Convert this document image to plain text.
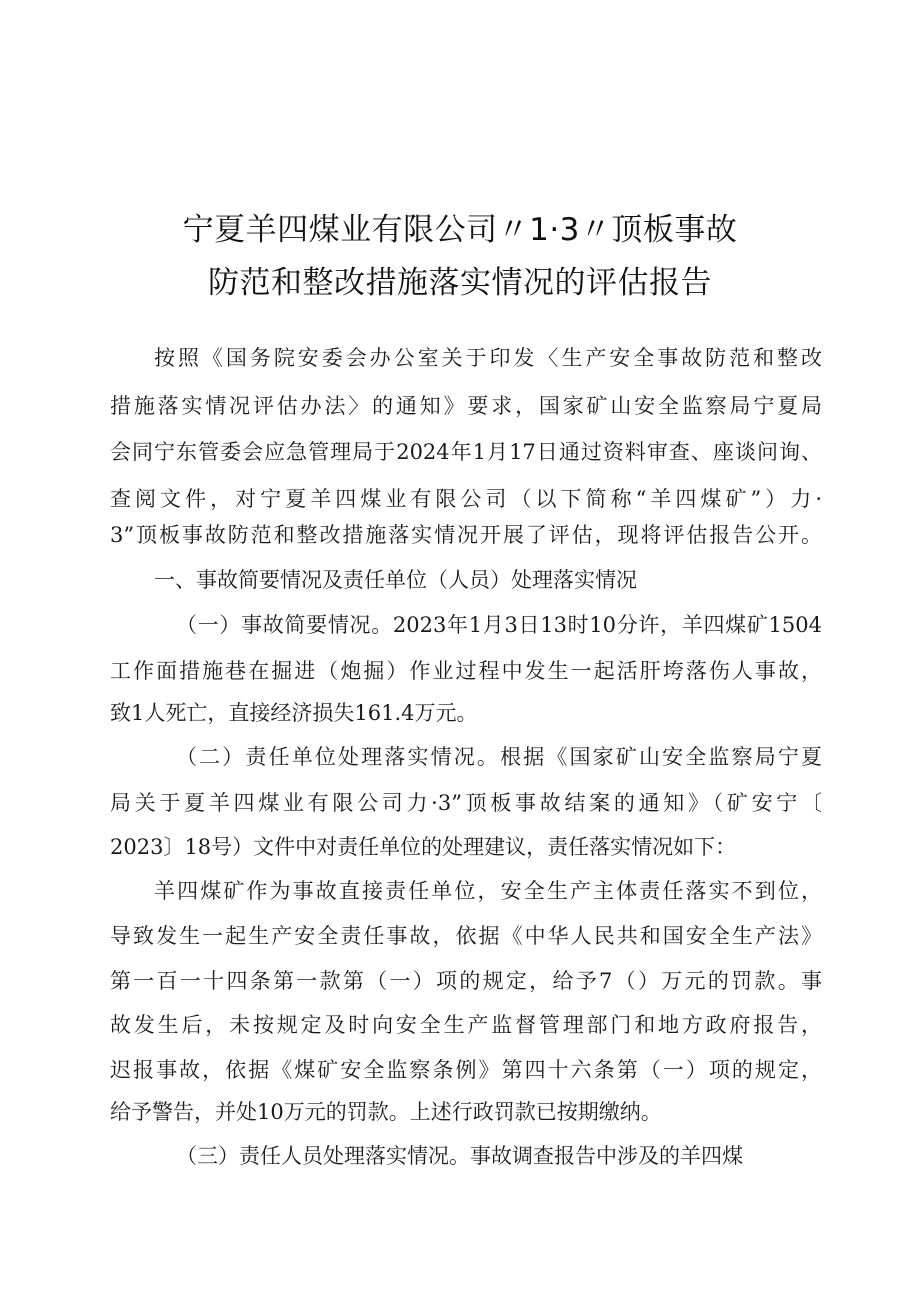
宁夏羊四煤业有限公司〃1·3〃顶板事故
防范和整改措施落实情况的评估报告
按照《国务院安委会办公室关于印发〈生产安全事故防范和整改
措施落实情况评估办法〉的通知》要求，国家矿山安全监察局宁夏局
会同宁东管委会应急管理局于2024年1月17日通过资料审查、座谈问询、
查阅文件，对宁夏羊四煤业有限公司（以下简称“羊四煤矿”）力·
3”顶板事故防范和整改措施落实情况开展了评估，现将评估报告公开。
一、事故简要情况及责任单位（人员）处理落实情况
（一）事故简要情况。2023年1月3日13时10分许，羊四煤矿1504
工作面措施巷在掘进（炮掘）作业过程中发生一起活肝垮落伤人事故，
致1人死亡，直接经济损失161.4万元。
（二）责任单位处理落实情况。根据《国家矿山安全监察局宁夏
局关于夏羊四煤业有限公司力·3”顶板事故结案的通知》（矿安宁〔
2023〕18号）文件中对责任单位的处理建议，责任落实情况如下：
羊四煤矿作为事故直接责任单位，安全生产主体责任落实不到位，
导致发生一起生产安全责任事故，依据《中华人民共和国安全生产法》
第一百一十四条第一款第（一）项的规定，给予7（）万元的罚款。事
故发生后，未按规定及时向安全生产监督管理部门和地方政府报告，
迟报事故，依据《煤矿安全监察条例》第四十六条第（一）项的规定，
给予警告，并处10万元的罚款。上述行政罚款已按期缴纳。
（三）责任人员处理落实情况。事故调查报告中涉及的羊四煤
